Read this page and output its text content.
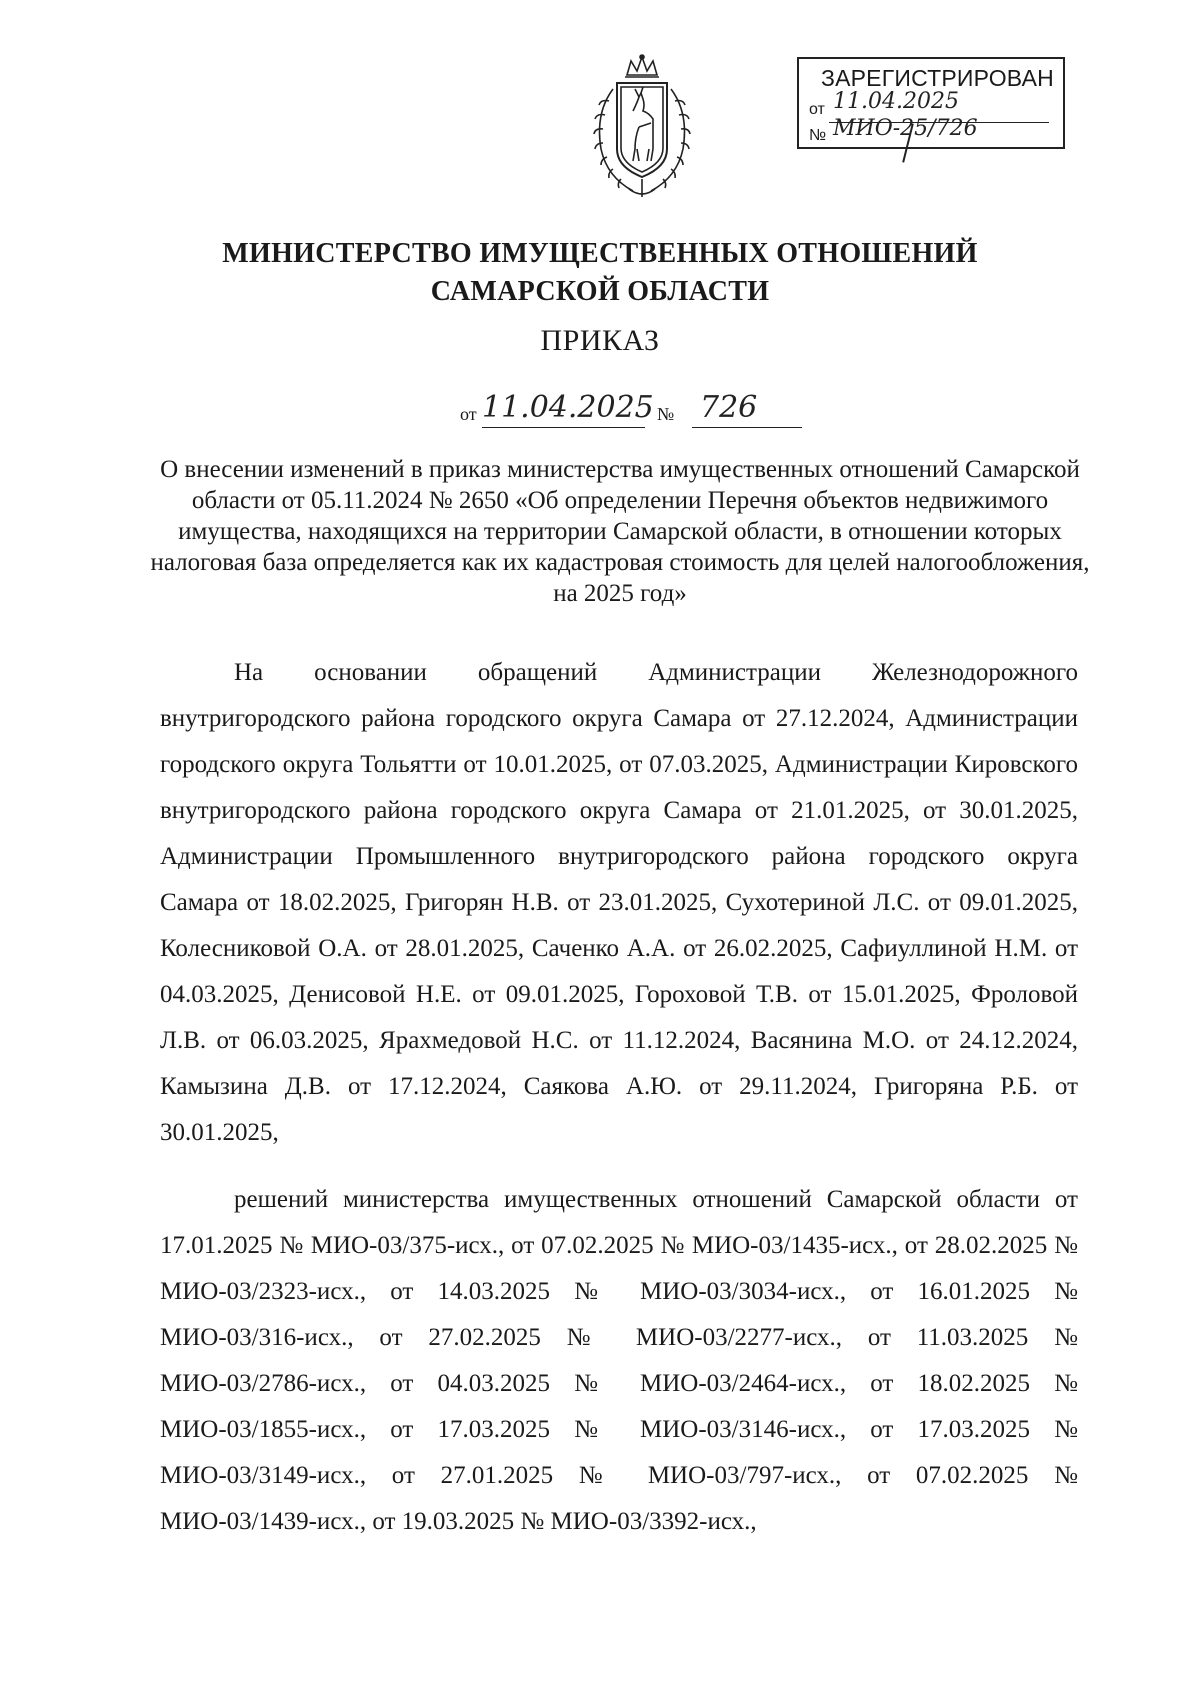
ЗАРЕГИСТРИРОВАН
от 11.04.2025
№ МИО-25/726
МИНИСТЕРСТВО ИМУЩЕСТВЕННЫХ ОТНОШЕНИЙ
САМАРСКОЙ ОБЛАСТИ
ПРИКАЗ
от 11.04.2025 № 726
О внесении изменений в приказ министерства имущественных отношений Самарской области от 05.11.2024 № 2650 «Об определении Перечня объектов недвижимого имущества, находящихся на территории Самарской области, в отношении которых налоговая база определяется как их кадастровая стоимость для целей налогообложения, на 2025 год»

На основании обращений Администрации Железнодорожного внутригородского района городского округа Самара от 27.12.2024, Администрации городского округа Тольятти от 10.01.2025, от 07.03.2025, Администрации Кировского внутригородского района городского округа Самара от 21.01.2025, от 30.01.2025, Администрации Промышленного внутригородского района городского округа Самара от 18.02.2025, Григорян Н.В. от 23.01.2025, Сухотериной Л.С. от 09.01.2025, Колесниковой О.А. от 28.01.2025, Саченко А.А. от 26.02.2025, Сафиуллиной Н.М. от 04.03.2025, Денисовой Н.Е. от 09.01.2025, Гороховой Т.В. от 15.01.2025, Фроловой Л.В. от 06.03.2025, Ярахмедовой Н.С. от 11.12.2024, Васянина М.О. от 24.12.2024, Камызина Д.В. от 17.12.2024, Саякова А.Ю. от 29.11.2024, Григоряна Р.Б. от 30.01.2025,

решений министерства имущественных отношений Самарской области от 17.01.2025 № МИО-03/375-исх., от 07.02.2025 № МИО-03/1435-исх., от 28.02.2025 № МИО-03/2323-исх., от 14.03.2025 № МИО-03/3034-исх., от 16.01.2025 № МИО-03/316-исх., от 27.02.2025 № МИО-03/2277-исх., от 11.03.2025 № МИО-03/2786-исх., от 04.03.2025 № МИО-03/2464-исх., от 18.02.2025 № МИО-03/1855-исх., от 17.03.2025 № МИО-03/3146-исх., от 17.03.2025 № МИО-03/3149-исх., от 27.01.2025 № МИО-03/797-исх., от 07.02.2025 № МИО-03/1439-исх., от 19.03.2025 № МИО-03/3392-исх.,
